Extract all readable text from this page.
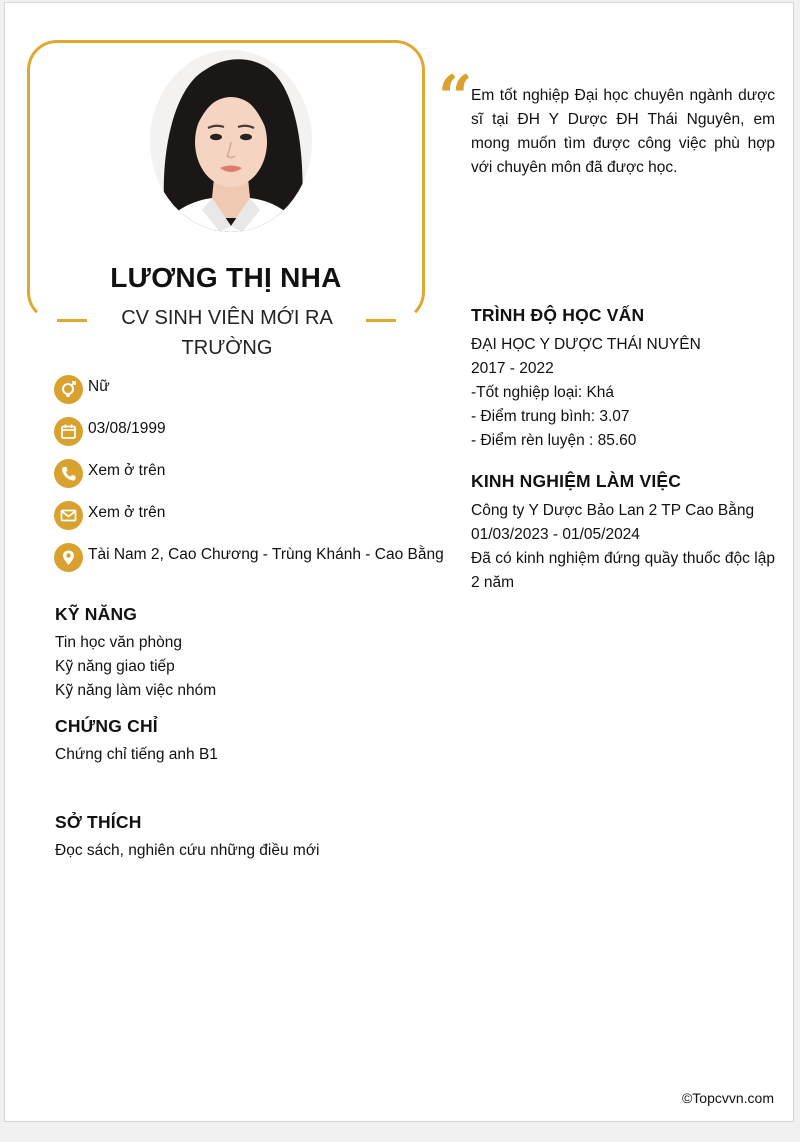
LƯƠNG THỊ NHA
CV SINH VIÊN MỚI RA TRƯỜNG
“
Em tốt nghiệp Đại học chuyên ngành dược sĩ tại ĐH Y Dược ĐH Thái Nguyên, em mong muốn tìm được công việc phù hợp với chuyên môn đã được học.
Nữ
03/08/1999
Xem ở trên
Xem ở trên
Tài Nam 2, Cao Chương - Trùng Khánh - Cao Bằng
KỸ NĂNG
Tin học văn phòng
Kỹ năng giao tiếp
Kỹ năng làm việc nhóm
CHỨNG CHỈ
Chứng chỉ tiếng anh B1
SỞ THÍCH
Đọc sách, nghiên cứu những điều mới
TRÌNH ĐỘ HỌC VẤN
ĐẠI HỌC Y DƯỢC THÁI NUYÊN
2017 - 2022
-Tốt nghiệp loại: Khá
- Điểm trung bình: 3.07
- Điểm rèn luyện : 85.60
KINH NGHIỆM LÀM VIỆC
Công ty Y Dược Bảo Lan 2 TP Cao Bằng
01/03/2023 - 01/05/2024
Đã có kinh nghiệm đứng quầy thuốc độc lập 2 năm
©Topcvvn.com
